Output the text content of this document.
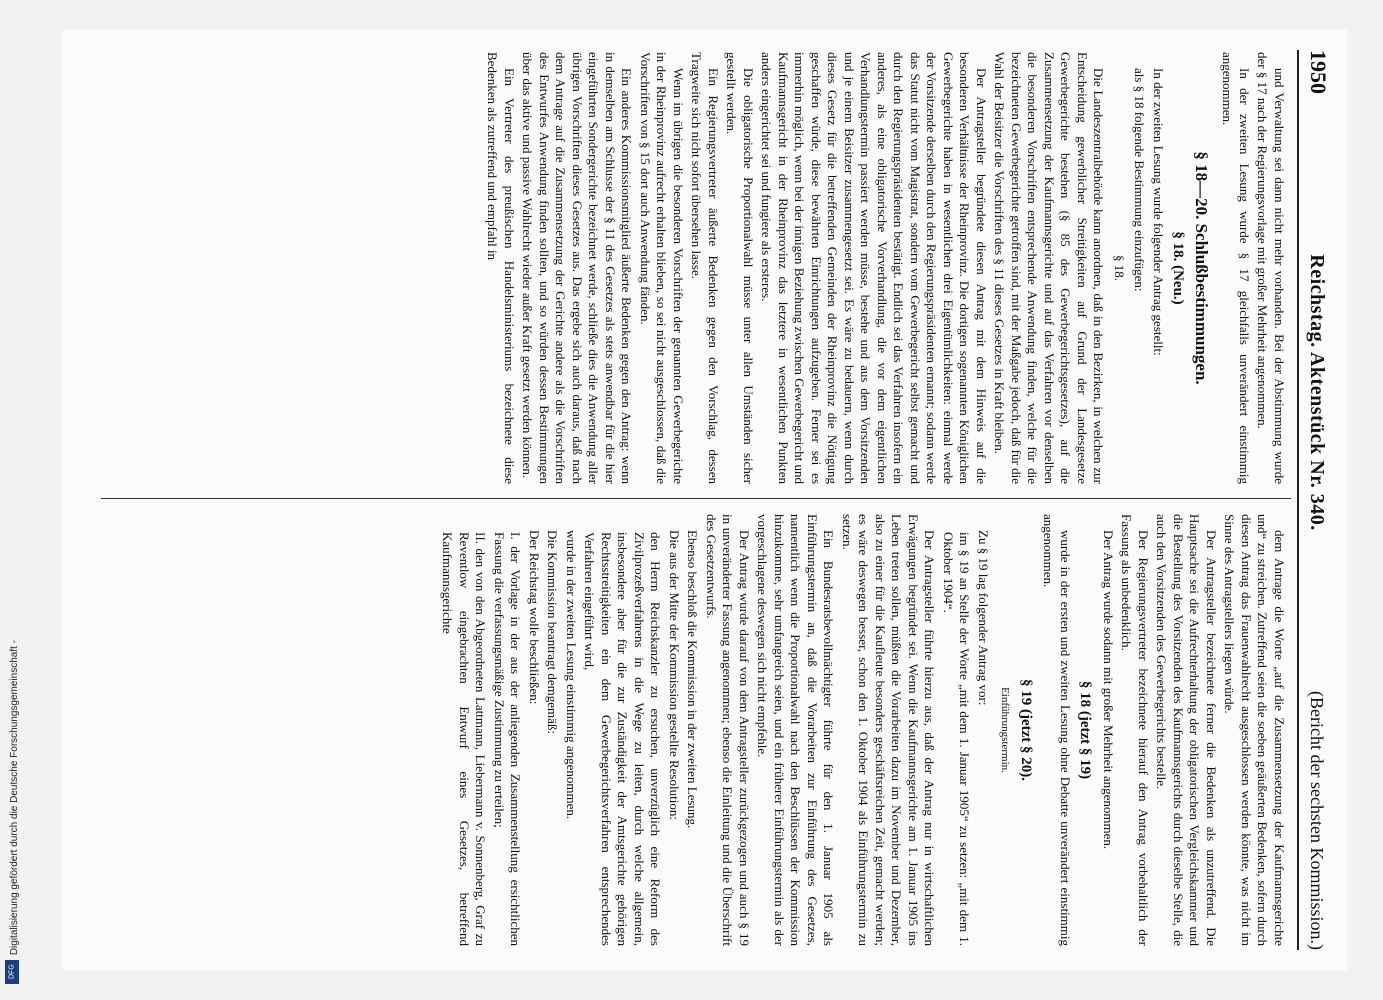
1950
Reichstag. Aktenstück Nr. 340.
(Bericht der sechsten Kommission.)

und Verwaltung sei dann nicht mehr vorhanden. Bei der Abstimmung wurde der § 17 nach der Regierungsvorlage mit großer Mehrheit angenommen.

In der zweiten Lesung wurde § 17 gleichfalls unverändert einstimmig angenommen.

§ 18—20. Schlußbestimmungen.

§ 18. (Neu.)

In der zweiten Lesung wurde folgender Antrag gestellt:

als § 18 folgende Bestimmung einzufügen:

§ 18.

Die Landeszentralbehörde kann anordnen, daß in den Bezirken, in welchen zur Entscheidung gewerblicher Streitigkeiten auf Grund der Landesgesetze Gewerbegerichte bestehen (§ 85 des Gewerbegerichtsgesetzes), auf die Zusammensetzung der Kaufmannsgerichte und auf das Verfahren vor denselben die besonderen Vorschriften entsprechende Anwendung finden, welche für die bezeichneten Gewerbegerichte getroffen sind, mit der Maßgabe jedoch, daß für die Wahl der Beisitzer die Vorschriften des § 11 dieses Gesetzes in Kraft bleiben.

Der Antragsteller begründete diesen Antrag mit dem Hinweis auf die besonderen Verhältnisse der Rheinprovinz. Die dortigen sogenannten Königlichen Gewerbegerichte haben in wesentlichen drei Eigentümlichkeiten: einmal werde der Vorsitzende derselben durch den Regierungspräsidenten ernannt; sodann werde das Statut nicht vom Magistrat, sondern vom Gewerbegericht selbst gemacht und durch den Regierungspräsidenten bestätigt. Endlich sei das Verfahren insofern ein anderes, als eine obligatorische Vorverhandlung, die vor dem eigentlichen Verhandlungstermin passiert werden müsse, bestehe und aus dem Vorsitzenden und je einem Beisitzer zusammengesetzt sei. Es wäre zu bedauern, wenn durch dieses Gesetz für die betreffenden Gemeinden der Rheinprovinz die Nötigung geschaffen würde, diese bewährten Einrichtungen aufzugeben. Ferner sei es immerhin möglich, wenn bei der innigen Beziehung zwischen Gewerbegericht und Kaufmannsgericht in der Rheinprovinz das letztere in wesentlichen Punkten anders eingerichtet sei und fungiere als ersteres.

Die obligatorische Proportionalwahl müsse unter allen Umständen sicher gestellt werden.

Ein Regierungsvertreter äußerte Bedenken gegen den Vorschlag, dessen Tragweite sich nicht sofort übersehen lasse.

Wenn im übrigen die besonderen Vorschriften der genannten Gewerbegerichte in der Rheinprovinz aufrecht erhalten blieben, so sei nicht ausgeschlossen, daß die Vorschriften von § 15 dort auch Anwendung fänden.

Ein anderes Kommissionsmitglied äußerte Bedenken gegen den Antrag: wenn in demselben am Schlusse der § 11 des Gesetzes als stets anwendbar für die hier eingeführten Sondergerichte bezeichnet werde, schließe dies die Anwendung aller übrigen Vorschriften dieses Gesetzes aus. Das ergebe sich auch daraus, daß nach dem Antrage auf die Zusammensetzung der Gerichte andere als die Vorschriften des Entwurfes Anwendung finden sollten, und so würden dessen Bestimmungen über das aktive und passive Wahlrecht wieder außer Kraft gesetzt werden können.

Ein Vertreter des preußischen Handelsministeriums bezeichnete diese Bedenken als zutreffend und empfahl in

dem Antrage die Worte „auf die Zusammensetzung der Kaufmannsgerichte und“ zu streichen. Zutreffend seien die soeben geäußerten Bedenken, sofern durch diesen Antrag das Frauenwahlrecht ausgeschlossen werden könnte, was nicht im Sinne des Antragstellers liegen würde.

Der Antragsteller bezeichnete ferner die Bedenken als unzutreffend. Die Hauptsache sei die Aufrechterhaltung der obligatorischen Vergleichskammer und die Bestellung des Vorsitzenden des Kaufmannsgerichts durch dieselbe Stelle, die auch den Vorsitzenden des Gewerbegerichts bestelle.

Der Regierungsvertreter bezeichnete hierauf den Antrag vorbehaltlich der Fassung als unbedenklich.

Der Antrag wurde sodann mit großer Mehrheit angenommen.

§ 18 (jetzt § 19)

wurde in der ersten und zweiten Lesung ohne Debatte unverändert einstimmig angenommen.

§ 19 (jetzt § 20).

Einführungstermin.

Zu § 19 lag folgender Antrag vor:

im § 19 an Stelle der Worte „mit dem 1. Januar 1905“ zu setzen: „mit dem 1. Oktober 1904“.

Der Antragsteller führte hierzu aus, daß der Antrag nur in wirtschaftlichen Erwägungen begründet sei. Wenn die Kaufmannsgerichte am 1. Januar 1905 ins Leben treten sollen, müßten die Vorarbeiten dazu im November und Dezember, also zu einer für die Kaufleute besonders geschäftsreichen Zeit, gemacht werden; es wäre deswegen besser, schon den 1. Oktober 1904 als Einführungstermin zu setzen.

Ein Bundesratsbevollmächtigter führte für den 1. Januar 1905 als Einführungstermin an, daß die Vorarbeiten zur Einführung des Gesetzes, namentlich wenn die Proportionalwahl nach den Beschlüssen der Kommission hinzukomme, sehr umfangreich seien, und ein früherer Einführungstermin als der vorgeschlagene deswegen sich nicht empfehle.

Der Antrag wurde darauf von dem Antragsteller zurückgezogen und auch § 19 in unveränderter Fassung angenommen; ebenso die Einleitung und die Überschrift des Gesetzentwurfs.

Ebenso beschloß die Kommission in der zweiten Lesung.

Die aus der Mitte der Kommission gestellte Resolution:

den Herrn Reichskanzler zu ersuchen, unverzüglich eine Reform des Zivilprozeßverfahrens in die Wege zu leiten, durch welche allgemein, insbesondere aber für die zur Zuständigkeit der Amtsgerichte gehörigen Rechtsstreitigkeiten ein dem Gewerbegerichtsverfahren entsprechendes Verfahren eingeführt wird,

wurde in der zweiten Lesung einstimmig angenommen.

Die Kommission beantragt demgemäß:

Der Reichstag wolle beschließen:

I. der Vorlage in der aus der anliegenden Zusammenstellung ersichtlichen Fassung die verfassungsmäßige Zustimmung zu erteilen;

II. den von den Abgeordneten Lattmann, Liebermann v. Sonnenberg, Graf zu Reventlow eingebrachten Entwurf eines Gesetzes, betreffend Kaufmannsgerichte

Digitalisierung gefördert durch die Deutsche Forschungsgemeinschaft -
DFG
